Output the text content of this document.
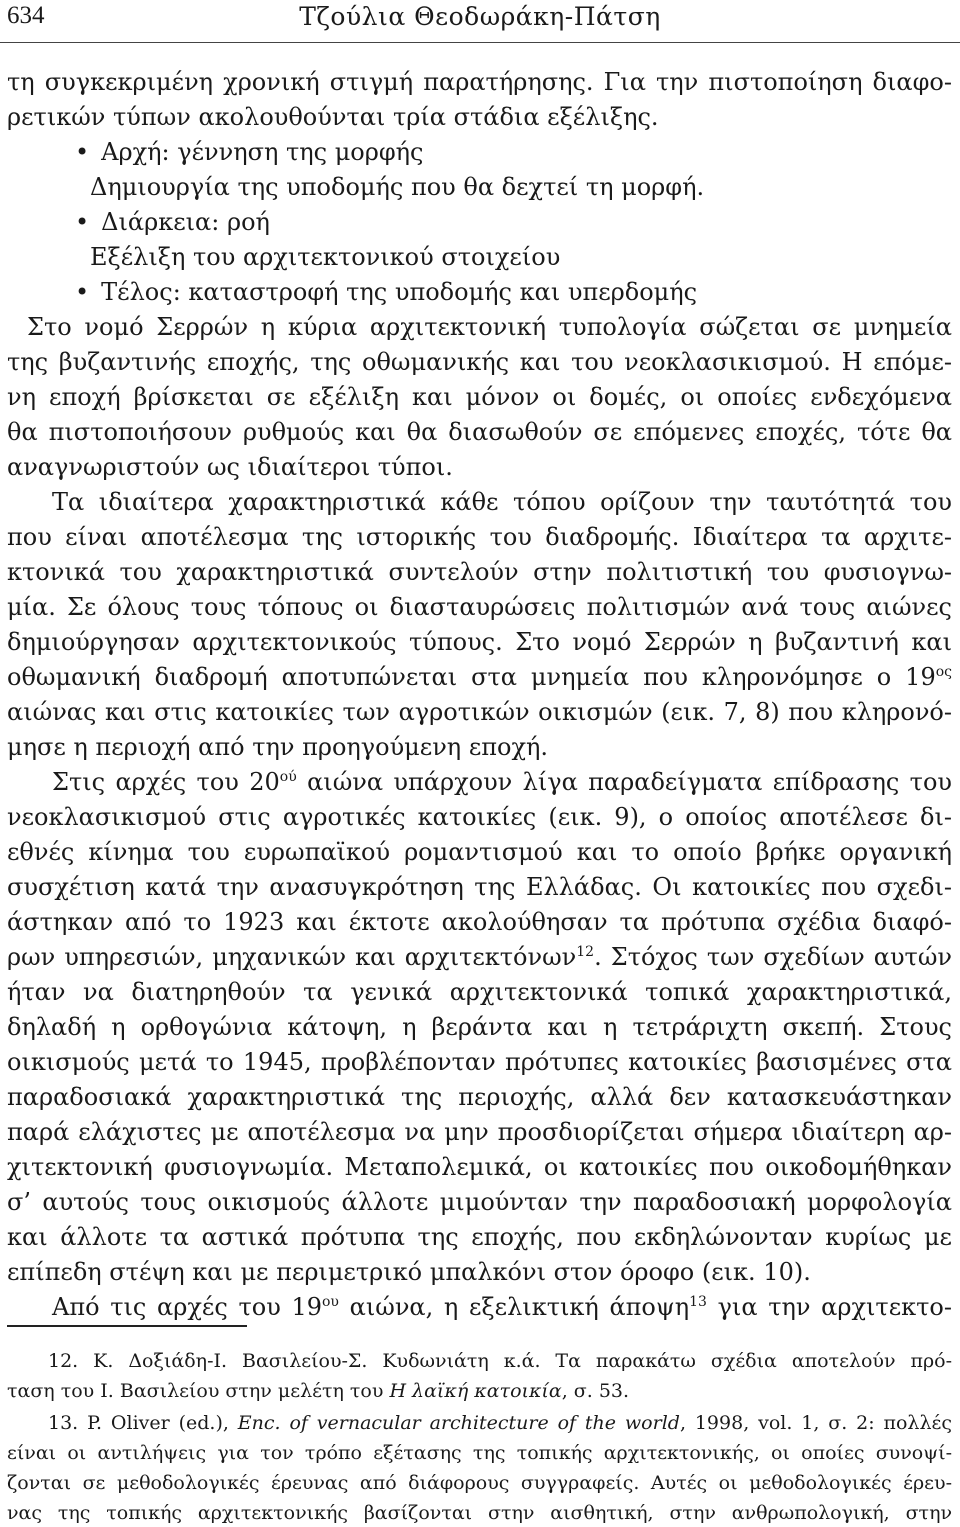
634	Τζούλια Θεοδωράκη-Πάτση
τη συγκεκριμένη χρονική στιγμή παρατήρησης. Για την πιστοποίηση διαφο-
ρετικών τύπων ακολουθούνται τρία στάδια εξέλιξης.
• Αρχή: γέννηση της μορφής
Δημιουργία της υποδομής που θα δεχτεί τη μορφή.
• Διάρκεια: ροή
Εξέλιξη του αρχιτεκτονικού στοιχείου
• Τέλος: καταστροφή της υποδομής και υπερδομής
Στο νομό Σερρών η κύρια αρχιτεκτονική τυπολογία σώζεται σε μνημεία
της βυζαντινής εποχής, της οθωμανικής και του νεοκλασικισμού. Η επόμε-
νη εποχή βρίσκεται σε εξέλιξη και μόνον οι δομές, οι οποίες ενδεχόμενα
θα πιστοποιήσουν ρυθμούς και θα διασωθούν σε επόμενες εποχές, τότε θα
αναγνωριστούν ως ιδιαίτεροι τύποι.
Τα ιδιαίτερα χαρακτηριστικά κάθε τόπου ορίζουν την ταυτότητά του
που είναι αποτέλεσμα της ιστορικής του διαδρομής. Ιδιαίτερα τα αρχιτε-
κτονικά του χαρακτηριστικά συντελούν στην πολιτιστική του φυσιογνω-
μία. Σε όλους τους τόπους οι διασταυρώσεις πολιτισμών ανά τους αιώνες
δημιούργησαν αρχιτεκτονικούς τύπους. Στο νομό Σερρών η βυζαντινή και
οθωμανική διαδρομή αποτυπώνεται στα μνημεία που κληρονόμησε ο $19^{o\varsigma}$
αιώνας και στις κατοικίες των αγροτικών οικισμών (εικ. 7, 8) που κληρονό-
μησε η περιοχή από την προηγούμενη εποχή.
Στις αρχές του $20^{oύ}$ αιώνα υπάρχουν λίγα παραδείγματα επίδρασης του
νεοκλασικισμού στις αγροτικές κατοικίες (εικ. 9), ο οποίος αποτέλεσε δι-
εθνές κίνημα του ευρωπαϊκού ρομαντισμού και το οποίο βρήκε οργανική
συσχέτιση κατά την ανασυγκρότηση της Ελλάδας. Οι κατοικίες που σχεδι-
άστηκαν από το 1923 και έκτοτε ακολούθησαν τα πρότυπα σχέδια διαφό-
ρων υπηρεσιών, μηχανικών και αρχιτεκτόνων$^{12}$. Στόχος των σχεδίων αυτών
ήταν να διατηρηθούν τα γενικά αρχιτεκτονικά τοπικά χαρακτηριστικά,
δηλαδή η ορθογώνια κάτοψη, η βεράντα και η τετράριχτη σκεπή. Στους
οικισμούς μετά το 1945, προβλέπονταν πρότυπες κατοικίες βασισμένες στα
παραδοσιακά χαρακτηριστικά της περιοχής, αλλά δεν κατασκευάστηκαν
παρά ελάχιστες με αποτέλεσμα να μην προσδιορίζεται σήμερα ιδιαίτερη αρ-
χιτεκτονική φυσιογνωμία. Μεταπολεμικά, οι κατοικίες που οικοδομήθηκαν
σ’ αυτούς τους οικισμούς άλλοτε μιμούνταν την παραδοσιακή μορφολογία
και άλλοτε τα αστικά πρότυπα της εποχής, που εκδηλώνονταν κυρίως με
επίπεδη στέψη και με περιμετρικό μπαλκόνι στον όροφο (εικ. 10).
Από τις αρχές του $19^{o\upsilon}$ αιώνα, η εξελικτική άποψη$^{13}$ για την αρχιτεκτο-
12. Κ. Δοξιάδη-Ι. Βασιλείου-Σ. Κυδωνιάτη κ.ά. Τα παρακάτω σχέδια αποτελούν πρό-
ταση του Ι. Βασιλείου στην μελέτη του Η λαϊκή κατοικία, σ. 53.
13. P. Oliver (ed.), Enc. of vernacular architecture of the world, 1998, vol. 1, σ. 2: πολλές
είναι οι αντιλήψεις για τον τρόπο εξέτασης της τοπικής αρχιτεκτονικής, οι οποίες συνοψί-
ζονται σε μεθοδολογικές έρευνας από διάφορους συγγραφείς. Αυτές οι μεθοδολογικές έρευ-
νας της τοπικής αρχιτεκτονικής βασίζονται στην αισθητική, στην ανθρωπολογική, στην
